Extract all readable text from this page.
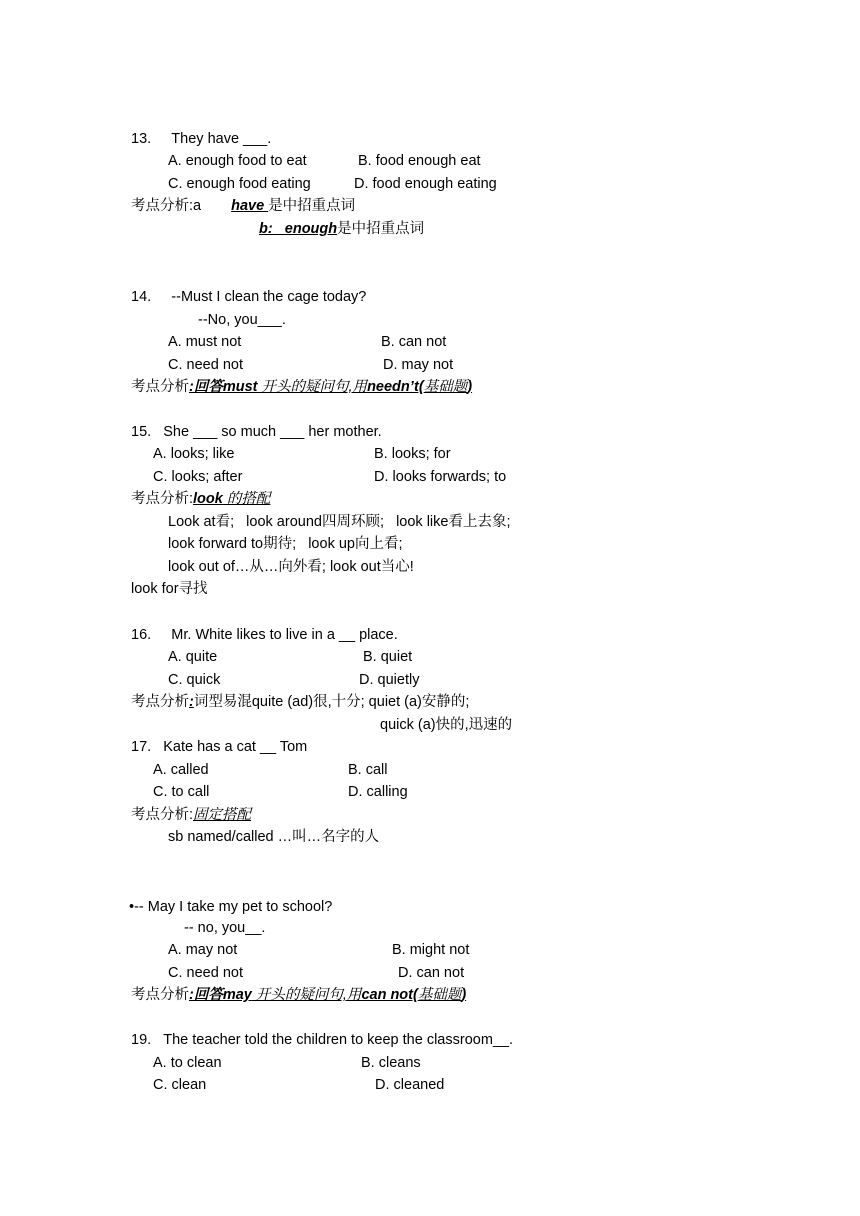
13.     They have ___.
A. enough food to eat	B. food enough eat
C. enough food eating	D. food enough eating
考点分析:a have 是中招重点词
b:   enough是中招重点词
14.     --Must I clean the cage today?
--No, you___.
A. must not	B. can not
C. need not	D. may not
考点分析:回答must 开头的疑问句,用needn’t(基础题)
15.   She ___ so much ___ her mother.
A. looks; like	B. looks; for
C. looks; after	D. looks forwards; to
考点分析:look 的搭配
Look at看;   look around四周环顾;   look like看上去象;
look forward to期待;   look up向上看;
look out of…从…向外看; look out当心!
look for寻找
16.     Mr. White likes to live in a __ place.
A. quite	B. quiet
C. quick	D. quietly
考点分析:词型易混quite (ad)很,十分; quiet (a)安静的;
quick (a)快的,迅速的
17.   Kate has a cat __ Tom
A. called	B. call
C. to call	D. calling
考点分析:固定搭配
sb named/called …叫…名字的人
•-- May I take my pet to school?
-- no, you__.
A. may not	B. might not
C. need not	D. can not
考点分析:回答may 开头的疑问句,用can not(基础题)
19.   The teacher told the children to keep the classroom__.
A. to clean	B. cleans
C. clean	D. cleaned
